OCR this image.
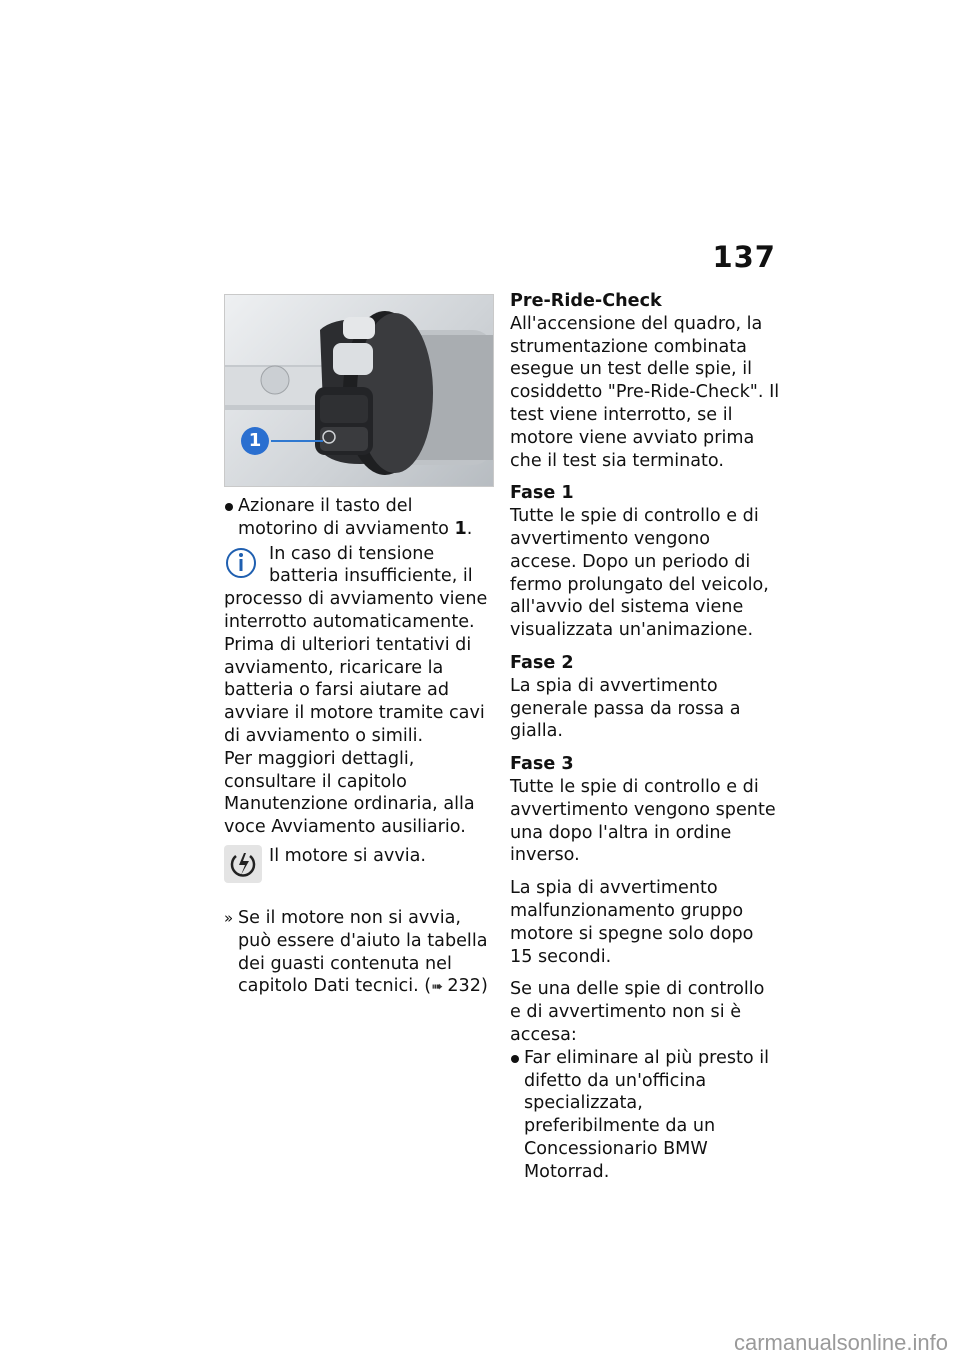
137
1
Azionare il tasto del motorino di avviamento 1.

In caso di tensione batteria insufficiente, il

processo di avviamento viene interrotto automaticamente. Prima di ulteriori tentativi di avviamento, ricaricare la batteria o farsi aiutare ad avviare il motore tramite cavi di avviamento o simili.

Per maggiori dettagli, consultare il capitolo Manutenzione ordinaria, alla voce Avviamento ausiliario.

Il motore si avvia.

» Se il motore non si avvia, può essere d'aiuto la tabella dei guasti contenuta nel capitolo Dati tecnici. (➠ 232)

Pre-Ride-Check

All'accensione del quadro, la strumentazione combinata esegue un test delle spie, il cosiddetto "Pre-Ride-Check". Il test viene interrotto, se il motore viene avviato prima che il test sia terminato.

Fase 1

Tutte le spie di controllo e di avvertimento vengono accese. Dopo un periodo di fermo prolungato del veicolo, all'avvio del sistema viene visualizzata un'animazione.

Fase 2

La spia di avvertimento generale passa da rossa a gialla.

Fase 3

Tutte le spie di controllo e di avvertimento vengono spente una dopo l'altra in ordine inverso.

La spia di avvertimento malfunzionamento gruppo motore si spegne solo dopo 15 secondi.

Se una delle spie di controllo e di avvertimento non si è accesa:

Far eliminare al più presto il difetto da un'officina specializzata, preferibilmente da un Concessionario BMW Motorrad.
carmanualsonline.info
